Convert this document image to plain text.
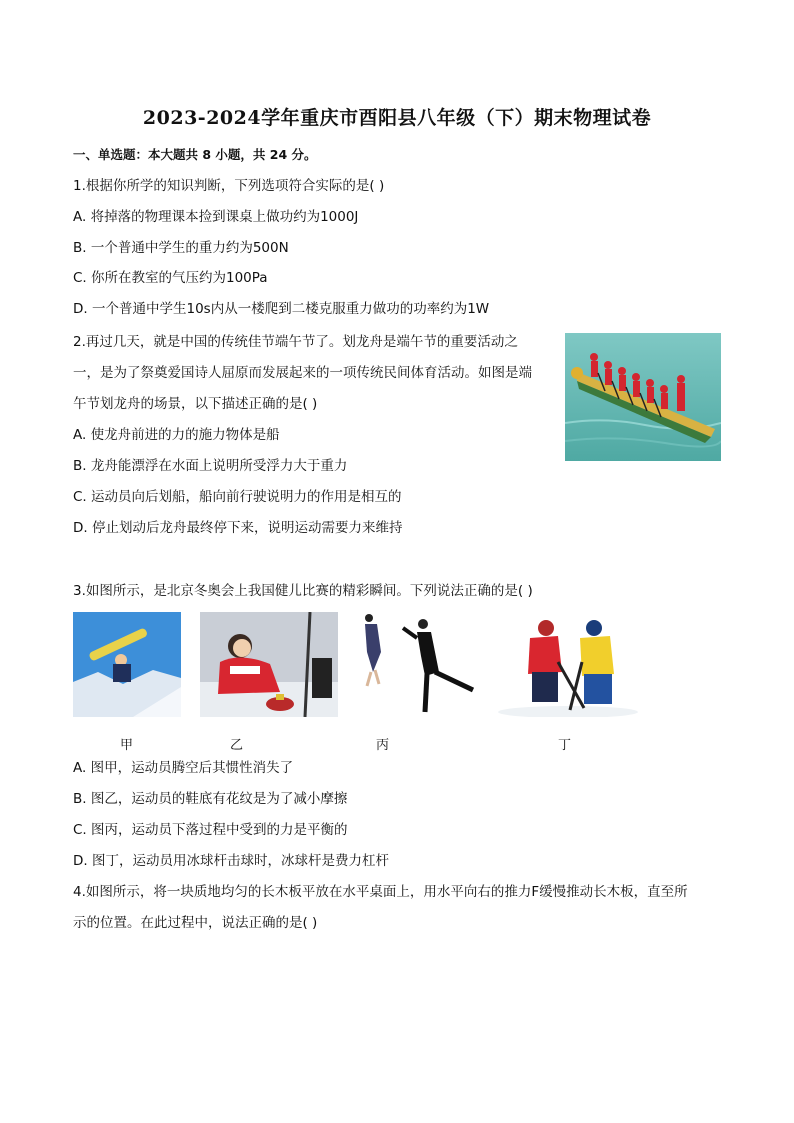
2023-2024学年重庆市酉阳县八年级（下）期末物理试卷
一、单选题：本大题共 8 小题，共 24 分。
1.根据你所学的知识判断，下列选项符合实际的是( )
A. 将掉落的物理课本捡到课桌上做功约为1000J
B. 一个普通中学生的重力约为500N
C. 你所在教室的气压约为100Pa
D. 一个普通中学生10s内从一楼爬到二楼克服重力做功的功率约为1W
2.再过几天，就是中国的传统佳节端午节了。划龙舟是端午节的重要活动之
一，是为了祭奠爱国诗人屈原而发展起来的一项传统民间体育活动。如图是端
午节划龙舟的场景，以下描述正确的是( )
A. 使龙舟前进的力的施力物体是船
B. 龙舟能漂浮在水面上说明所受浮力大于重力
C. 运动员向后划船，船向前行驶说明力的作用是相互的
D. 停止划动后龙舟最终停下来，说明运动需要力来维持
3.如图所示，是北京冬奥会上我国健儿比赛的精彩瞬间。下列说法正确的是( )
甲	乙	丙	丁
A. 图甲，运动员腾空后其惯性消失了
B. 图乙，运动员的鞋底有花纹是为了减小摩擦
C. 图丙，运动员下落过程中受到的力是平衡的
D. 图丁，运动员用冰球杆击球时，冰球杆是费力杠杆
4.如图所示，将一块质地均匀的长木板平放在水平桌面上，用水平向右的推力F缓慢推动长木板，直至所
示的位置。在此过程中，说法正确的是( )
